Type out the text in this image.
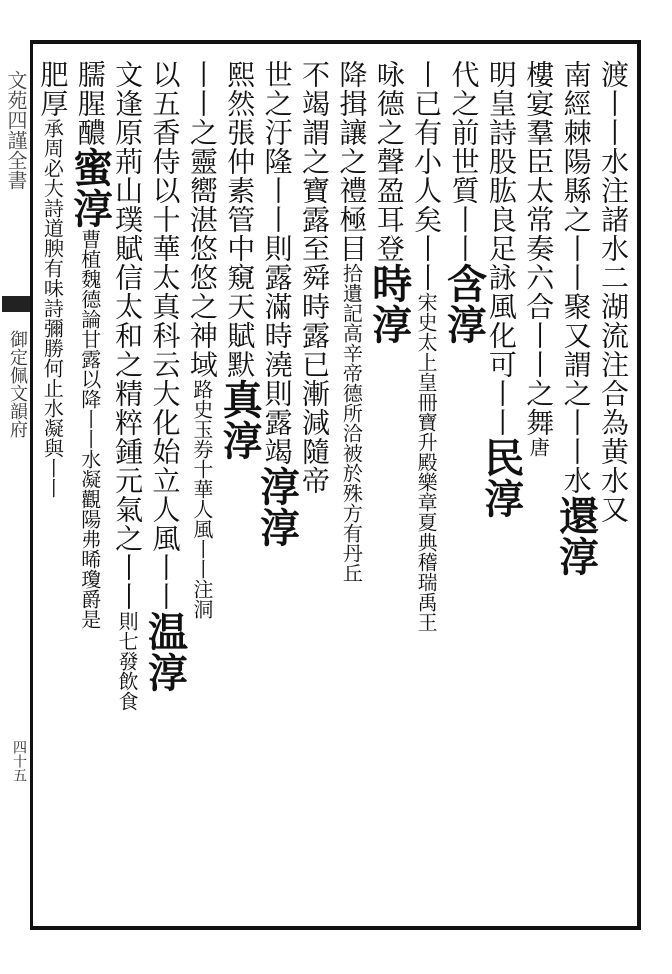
文苑四謹全書
御定佩文韻府
四十五
渡丨丨水注諸水二湖流注合為黄水又
南經棘陽縣之丨丨聚又謂之丨丨水還淳
樓宴羣臣太常奏六合丨丨之舞唐
明皇詩股肱良足詠風化可丨丨民淳
代之前世質丨丨含淳
丨已有小人矣丨丨宋史太上皇冊寶升殿樂章夏典稽瑞禹王
咏德之聲盈耳登時淳
降揖讓之禮極目拾遺記高辛帝德所洽被於殊方有丹丘
不竭謂之寶露至舜時露已漸減隨帝
世之汙隆丨丨則露滿時澆則露竭淳淳
熙然張仲素管中窺天賦默真淳
丨丨之靈嚮湛悠悠之神域路史玉券十華人風丨丨注洞
以五香侍以十華太真科云大化始立人風丨丨温淳
文逢原荊山璞賦信太和之精粹鍾元氣之丨丨則七發飲食
臑腥醲蜜淳曹植魏德論甘露以降丨丨水凝觀陽弗晞瓊爵是
肥厚承周必大詩道腴有味詩彌勝何止水凝與丨丨
